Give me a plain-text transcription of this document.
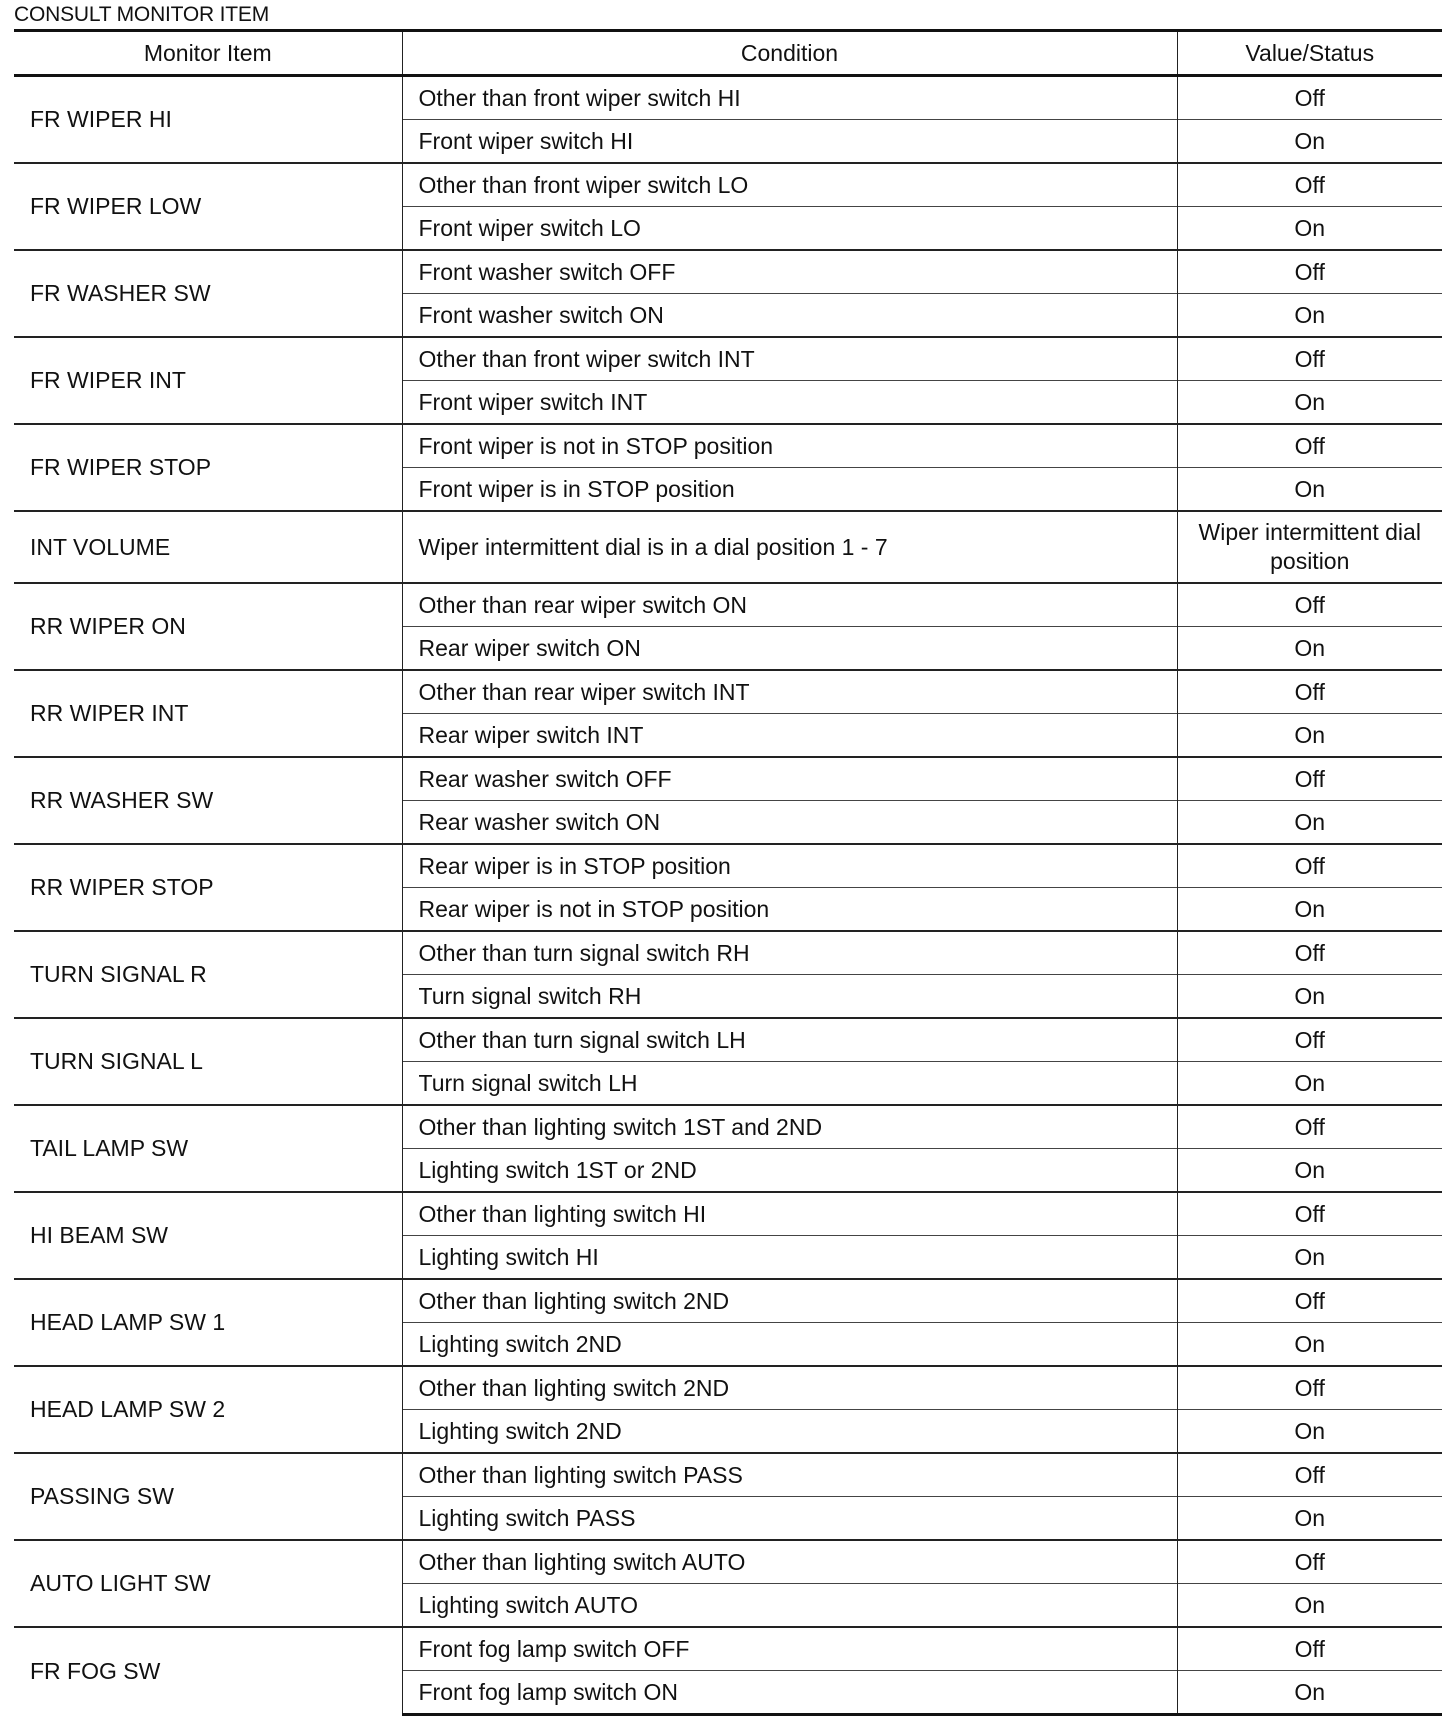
CONSULT MONITOR ITEM
Monitor Item	Condition	Value/Status
FR WIPER HI	Other than front wiper switch HI	Off
	Front wiper switch HI	On
FR WIPER LOW	Other than front wiper switch LO	Off
	Front wiper switch LO	On
FR WASHER SW	Front washer switch OFF	Off
	Front washer switch ON	On
FR WIPER INT	Other than front wiper switch INT	Off
	Front wiper switch INT	On
FR WIPER STOP	Front wiper is not in STOP position	Off
	Front wiper is in STOP position	On
INT VOLUME	Wiper intermittent dial is in a dial position 1 - 7	Wiper intermittent dial position
RR WIPER ON	Other than rear wiper switch ON	Off
	Rear wiper switch ON	On
RR WIPER INT	Other than rear wiper switch INT	Off
	Rear wiper switch INT	On
RR WASHER SW	Rear washer switch OFF	Off
	Rear washer switch ON	On
RR WIPER STOP	Rear wiper is in STOP position	Off
	Rear wiper is not in STOP position	On
TURN SIGNAL R	Other than turn signal switch RH	Off
	Turn signal switch RH	On
TURN SIGNAL L	Other than turn signal switch LH	Off
	Turn signal switch LH	On
TAIL LAMP SW	Other than lighting switch 1ST and 2ND	Off
	Lighting switch 1ST or 2ND	On
HI BEAM SW	Other than lighting switch HI	Off
	Lighting switch HI	On
HEAD LAMP SW 1	Other than lighting switch 2ND	Off
	Lighting switch 2ND	On
HEAD LAMP SW 2	Other than lighting switch 2ND	Off
	Lighting switch 2ND	On
PASSING SW	Other than lighting switch PASS	Off
	Lighting switch PASS	On
AUTO LIGHT SW	Other than lighting switch AUTO	Off
	Lighting switch AUTO	On
FR FOG SW	Front fog lamp switch OFF	Off
	Front fog lamp switch ON	On
